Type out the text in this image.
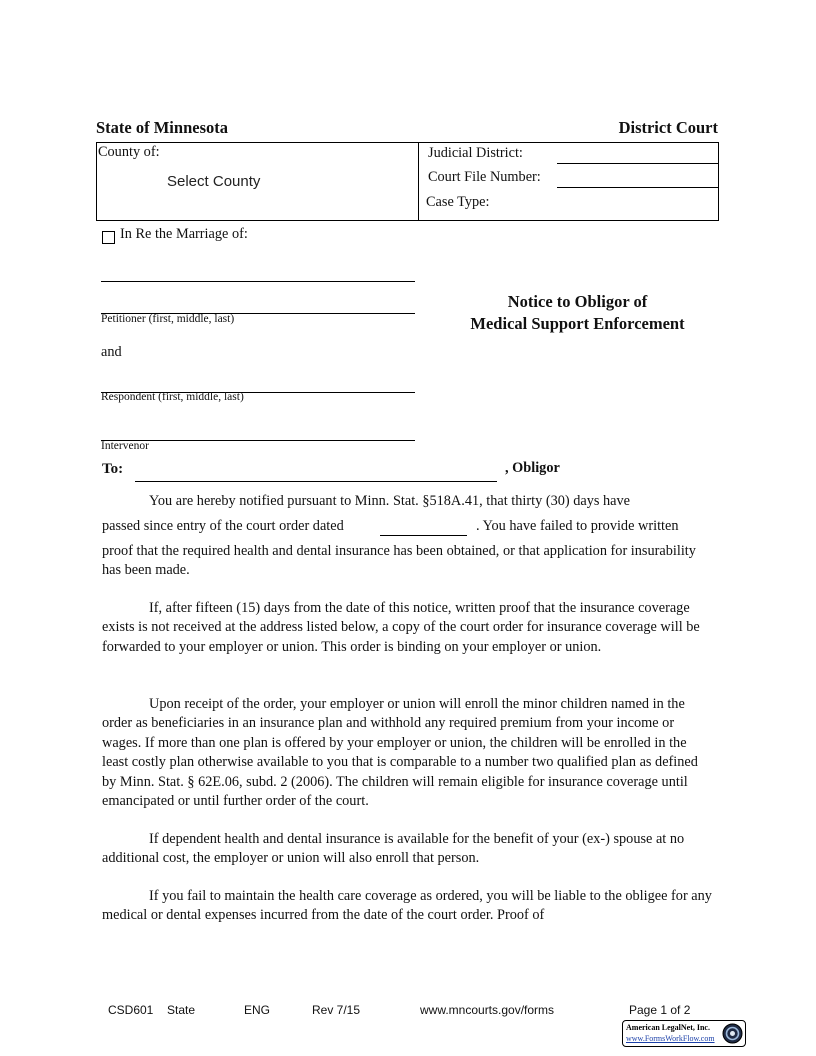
State of Minnesota	District Court
County of:
Select County
Judicial District:
Court File Number:
Case Type:
In Re the Marriage of:
Petitioner (first, middle, last)
and
Respondent (first, middle, last)
Intervenor
Notice to Obligor of
Medical Support Enforcement
To:	, Obligor
You are hereby notified pursuant to Minn. Stat. §518A.41, that thirty (30) days have
passed since entry of the court order dated	. You have failed to provide written
proof that the required health and dental insurance has been obtained, or that application for insurability has been made.
If, after fifteen (15) days from the date of this notice, written proof that the insurance coverage exists is not received at the address listed below, a copy of the court order for insurance coverage will be forwarded to your employer or union. This order is binding on your employer or union.
Upon receipt of the order, your employer or union will enroll the minor children named in the order as beneficiaries in an insurance plan and withhold any required premium from your income or wages. If more than one plan is offered by your employer or union, the children will be enrolled in the least costly plan otherwise available to you that is comparable to a number two qualified plan as defined by Minn. Stat. § 62E.06, subd. 2 (2006). The children will remain eligible for insurance coverage until emancipated or until further order of the court.
If dependent health and dental insurance is available for the benefit of your (ex-) spouse at no additional cost, the employer or union will also enroll that person.
If you fail to maintain the health care coverage as ordered, you will be liable to the obligee for any medical or dental expenses incurred from the date of the court order. Proof of
CSD601 State	ENG	Rev 7/15	www.mncourts.gov/forms	Page 1 of 2
American LegalNet, Inc.
www.FormsWorkFlow.com
